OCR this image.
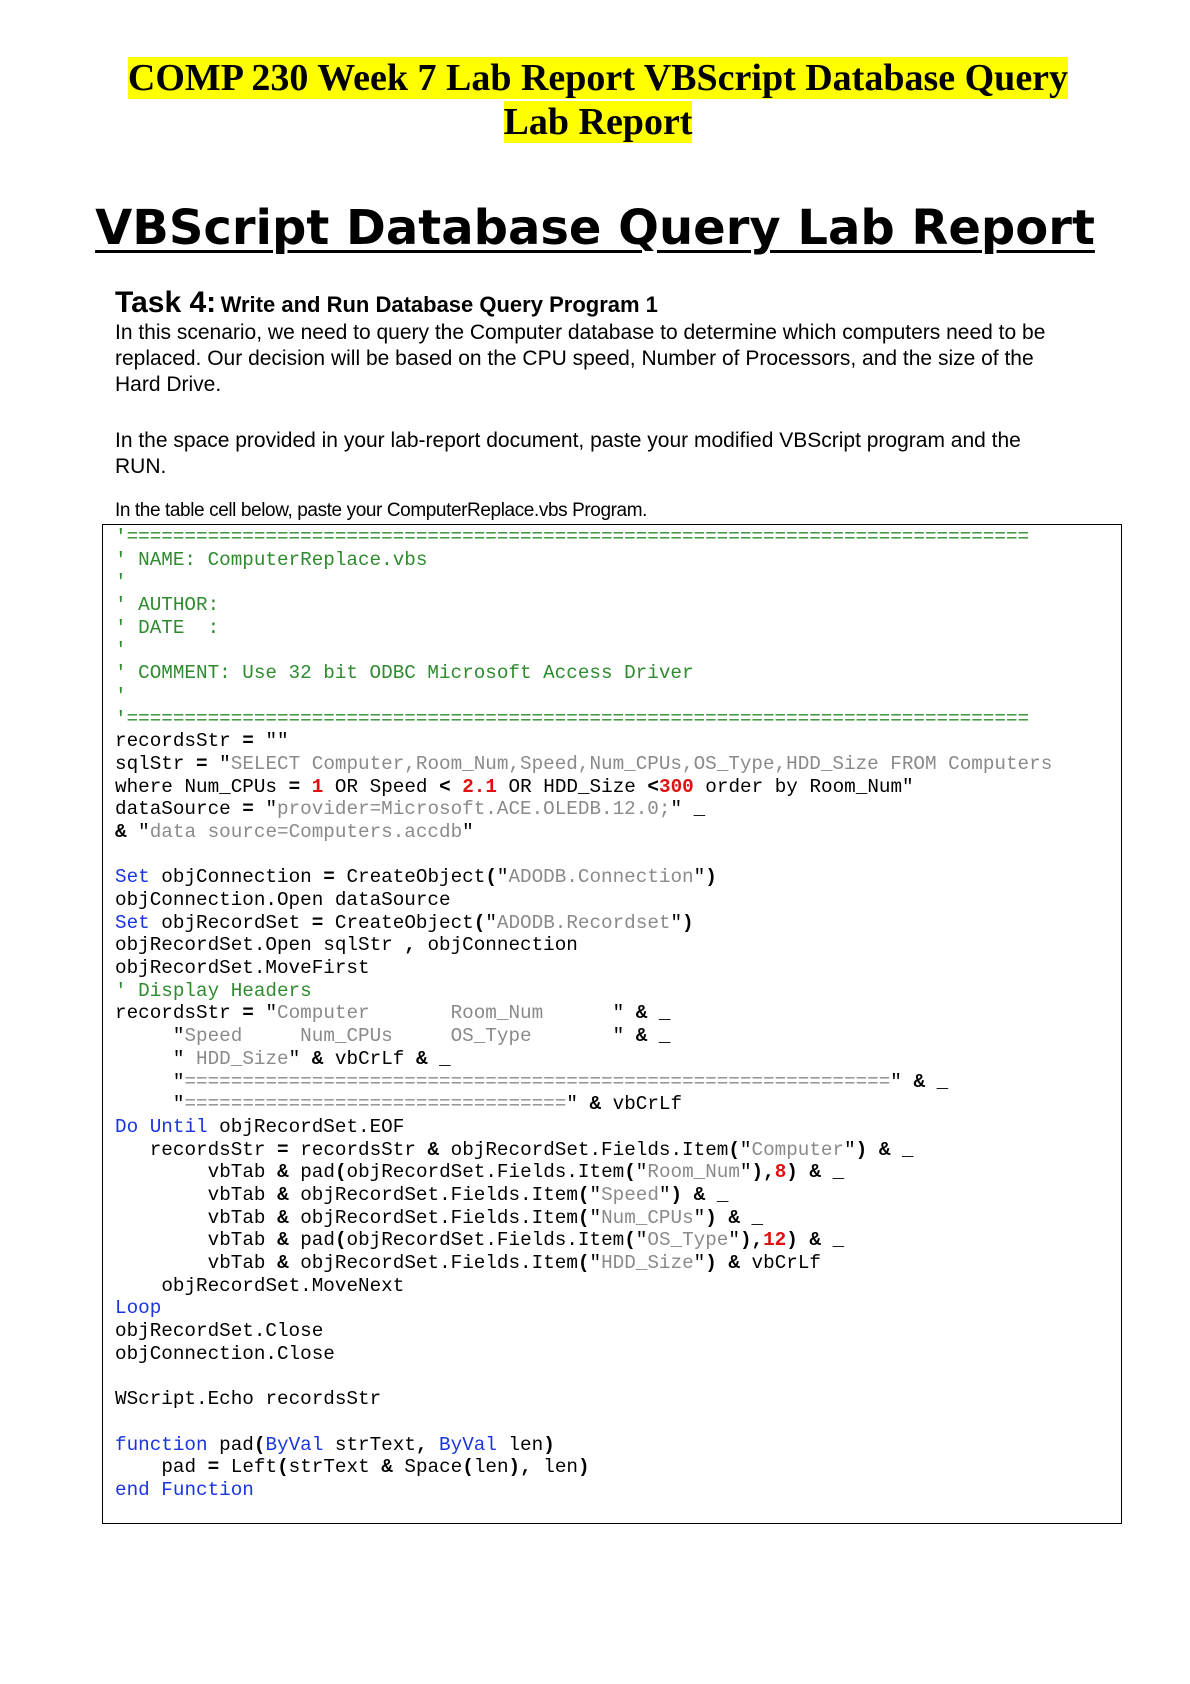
COMP 230 Week 7 Lab Report VBScript Database Query Lab Report
VBScript Database Query Lab Report
Task 4: Write and Run Database Query Program 1
In this scenario, we need to query the Computer database to determine which computers need to be replaced. Our decision will be based on the CPU speed, Number of Processors, and the size of the Hard Drive.
In the space provided in your lab-report document, paste your modified VBScript program and the RUN.
In the table cell below, paste your ComputerReplace.vbs Program.
'==============================================================================
' NAME: ComputerReplace.vbs
'
' AUTHOR:
' DATE  :
'
' COMMENT: Use 32 bit ODBC Microsoft Access Driver
'
'==============================================================================
recordsStr = ""
sqlStr = "SELECT Computer,Room_Num,Speed,Num_CPUs,OS_Type,HDD_Size FROM Computers
where Num_CPUs = 1 OR Speed < 2.1 OR HDD_Size <300 order by Room_Num"
dataSource = "provider=Microsoft.ACE.OLEDB.12.0;" _
& "data source=Computers.accdb"

Set objConnection = CreateObject("ADODB.Connection")
objConnection.Open dataSource
Set objRecordSet = CreateObject("ADODB.Recordset")
objRecordSet.Open sqlStr , objConnection
objRecordSet.MoveFirst
' Display Headers
recordsStr = "Computer       Room_Num      " & _
"Speed     Num_CPUs     OS_Type       " & _
" HDD_Size" & vbCrLf & _
"=============================================================" & _
"=================================" & vbCrLf
Do Until objRecordSet.EOF
recordsStr = recordsStr & objRecordSet.Fields.Item("Computer") & _
vbTab & pad(objRecordSet.Fields.Item("Room_Num"),8) & _
vbTab & objRecordSet.Fields.Item("Speed") & _
vbTab & objRecordSet.Fields.Item("Num_CPUs") & _
vbTab & pad(objRecordSet.Fields.Item("OS_Type"),12) & _
vbTab & objRecordSet.Fields.Item("HDD_Size") & vbCrLf
objRecordSet.MoveNext
Loop
objRecordSet.Close
objConnection.Close

WScript.Echo recordsStr

function pad(ByVal strText, ByVal len)
pad = Left(strText & Space(len), len)
end Function
